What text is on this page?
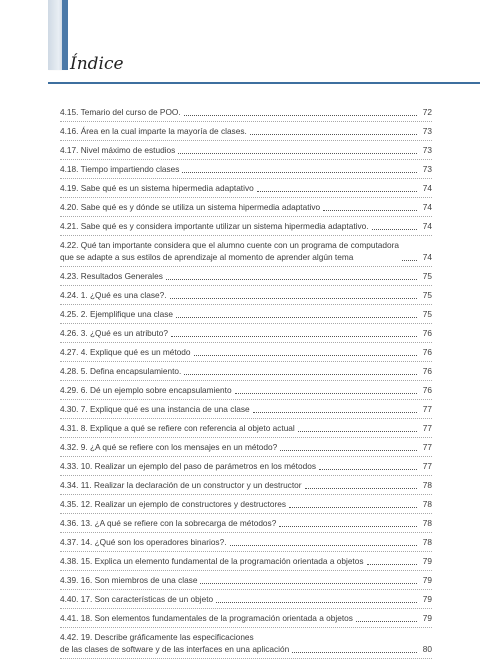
Índice
4.15. Temario del curso de POO.	72
4.16. Área en la cual imparte la mayoría de clases.	73
4.17. Nivel máximo de estudios	73
4.18. Tiempo impartiendo clases	73
4.19. Sabe qué es un sistema hipermedia adaptativo	74
4.20. Sabe qué es y dónde se utiliza un sistema hipermedia adaptativo	74
4.21. Sabe qué es y considera importante utilizar un sistema hipermedia adaptativo.	74
4.22. Qué tan importante considera que el alumno cuente con un programa de computadora
que se adapte a sus estilos de aprendizaje al momento de aprender algún tema	74
4.23. Resultados Generales	75
4.24. 1. ¿Qué es una clase?.	75
4.25. 2. Ejemplifique una clase	75
4.26. 3. ¿Qué es un atributo?	76
4.27. 4. Explique qué es un método	76
4.28. 5. Defina encapsulamiento.	76
4.29. 6. Dé un ejemplo sobre encapsulamiento	76
4.30. 7. Explique qué es una instancia de una clase	77
4.31. 8. Explique a qué se refiere con referencia al objeto actual	77
4.32. 9. ¿A qué se refiere con los mensajes en un método?	77
4.33. 10. Realizar un ejemplo del paso de parámetros en los métodos	77
4.34. 11. Realizar la declaración de un constructor y un destructor	78
4.35. 12. Realizar un ejemplo de constructores y destructores	78
4.36. 13. ¿A qué se refiere con la sobrecarga de métodos?	78
4.37. 14. ¿Qué son los operadores binarios?.	78
4.38. 15. Explica un elemento fundamental de la programación orientada a objetos	79
4.39. 16. Son miembros de una clase	79
4.40. 17. Son características de un objeto	79
4.41. 18. Son elementos fundamentales de la programación orientada a objetos	79
4.42. 19. Describe gráficamente las especificaciones
de las clases de software y de las interfaces en una aplicación	80
